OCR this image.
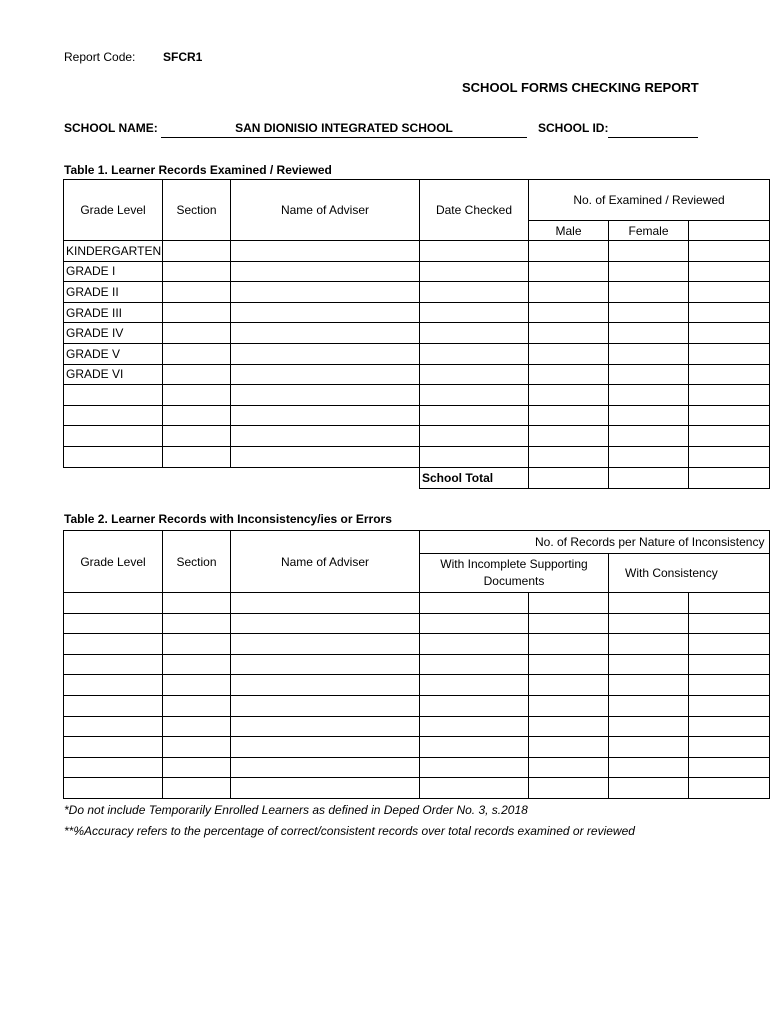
Report Code: SFCR1
SCHOOL FORMS CHECKING REPORT
SCHOOL NAME:	SAN DIONISIO INTEGRATED SCHOOL	SCHOOL ID:
Table 1. Learner Records Examined / Reviewed
Grade Level	Section	Name of Adviser	Date Checked	No. of Examined / Reviewed		
				Male	Female	
KINDERGARTEN						
GRADE I						
GRADE II						
GRADE III						
GRADE IV						
GRADE V						
GRADE VI						

			School Total			
Table 2. Learner Records with Inconsistency/ies or Errors
Grade Level	Section	Name of Adviser	No. of Records per Nature of Inconsistency			
			With Incomplete Supporting Documents		With Consistency	

*Do not include Temporarily Enrolled Learners as defined in Deped Order No. 3, s.2018
**%Accuracy refers to the percentage of correct/consistent records over total records examined or reviewed
